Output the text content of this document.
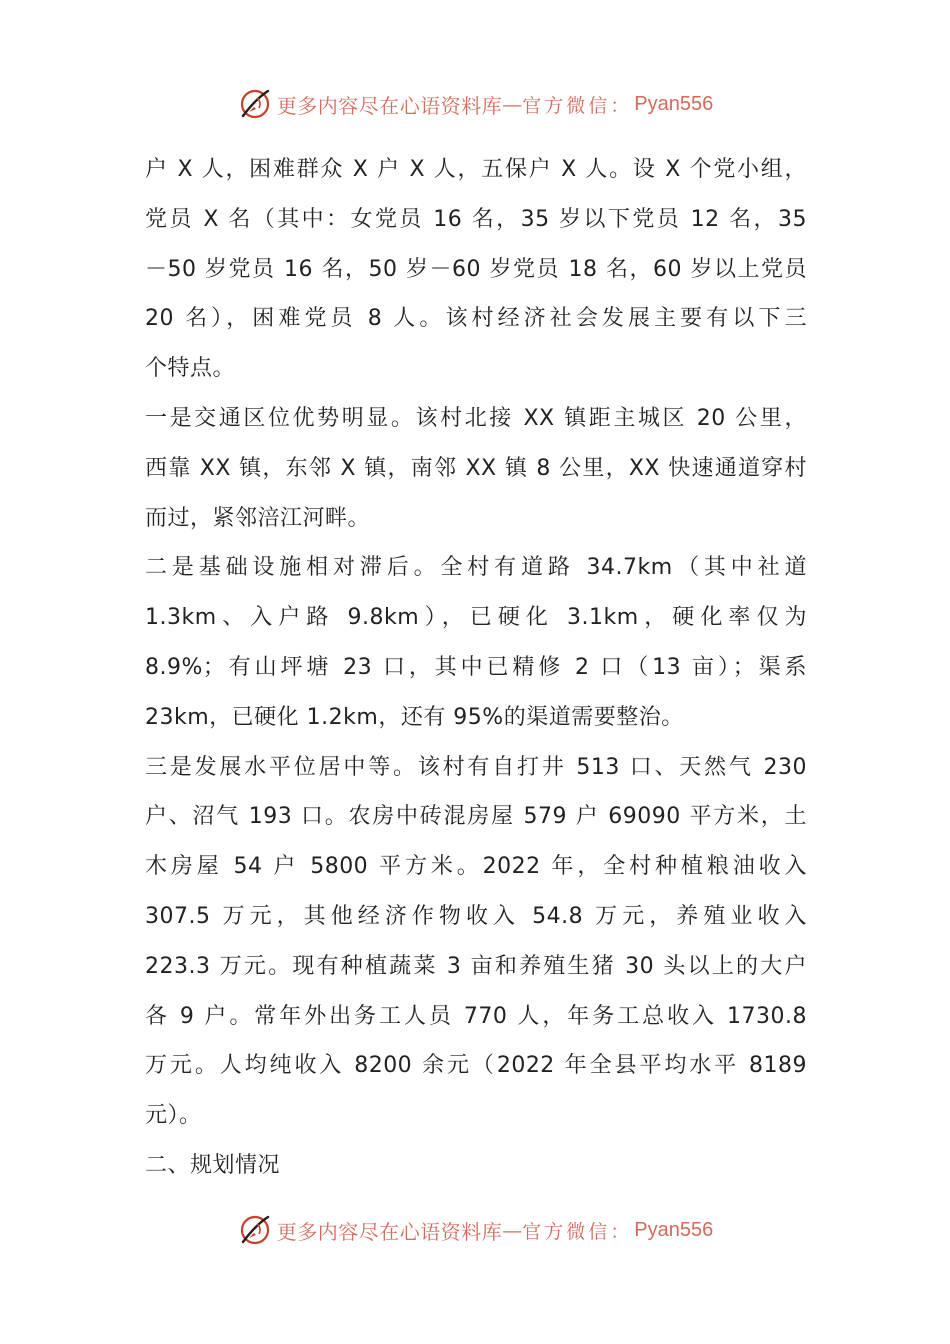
更多内容尽在心语资料库 — 官方微信： Pyan556
户 X 人，困难群众 X 户 X 人，五保户 X 人。设 X 个党小组，
党员 X 名（其中：女党员 16 名，35 岁以下党员 12 名，35
－50 岁党员 16 名，50 岁－60 岁党员 18 名，60 岁以上党员
20 名），困难党员 8 人。该村经济社会发展主要有以下三
个特点。
一是交通区位优势明显。该村北接 XX 镇距主城区 20 公里，
西靠 XX 镇，东邻 X 镇，南邻 XX 镇 8 公里，XX 快速通道穿村
而过，紧邻涪江河畔。
二是基础设施相对滞后。全村有道路 34.7km（其中社道
1.3km、入户路 9.8km），已硬化 3.1km，硬化率仅为
8.9%；有山坪塘 23 口，其中已精修 2 口（13 亩）；渠系
23km，已硬化 1.2km，还有 95%的渠道需要整治。
三是发展水平位居中等。该村有自打井 513 口、天然气 230
户、沼气 193 口。农房中砖混房屋 579 户 69090 平方米，土
木房屋 54 户 5800 平方米。2022 年，全村种植粮油收入
307.5 万元，其他经济作物收入 54.8 万元，养殖业收入
223.3 万元。现有种植蔬菜 3 亩和养殖生猪 30 头以上的大户
各 9 户。常年外出务工人员 770 人，年务工总收入 1730.8
万元。人均纯收入 8200 余元（2022 年全县平均水平 8189
元）。
二、规划情况
更多内容尽在心语资料库 — 官方微信： Pyan556
